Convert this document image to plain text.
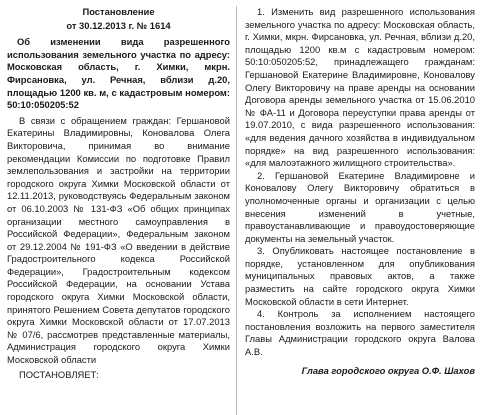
Постановление

от 30.12.2013 г. № 1614

Об изменении вида разрешенного использования земельного участка по адресу: Московская область, г. Химки, мкрн. Фирсановка, ул. Речная, вблизи д.20, площадью 1200 кв. м, с кадастровым номером: 50:10:050205:52

В связи с обращением граждан: Гершановой Екатерины Владимировны, Коноваловa Олега Викторовича, принимая во внимание рекомендации Комиссии по подготовке Правил землепользования и застройки на территории городского округа Химки Московской области от 12.11.2013, руководствуясь Федеральным законом от 06.10.2003 № 131-ФЗ «Об общих принципах организации местного самоуправления в Российской Федерации», Федеральным законом от 29.12.2004 № 191-ФЗ «О введении в действие Градостроительного кодекса Российской Федерации», Градостроительным кодексом Российской Федерации, на основании Устава городского округа Химки Московской области, принятого Решением Совета депутатов городского округа Химки Московской области от 17.07.2013 № 07/6, рассмотрев представленные материалы, Администрация городского округа Химки Московской области

ПОСТАНОВЛЯЕТ:

1. Изменить вид разрешенного использования земельного участка по адресу: Московская область, г. Химки, мкрн. Фирсановка, ул. Речная, вблизи д.20, площадью 1200 кв.м с кадастровым номером: 50:10:050205:52, принадлежащего гражданам: Гершановой Екатерине Владимировне, Коновалову Олегу Викторовичу на праве аренды на основании Договора аренды земельного участка от 15.06.2010 № ФА-11 и Договора переуступки права аренды от 19.07.2010, с вида разрешенного использования: «для ведения дачного хозяйства в индивидуальном порядке» на вид разрешенного использования: «для малоэтажного жилищного строительства».

2. Гершановой Екатерине Владимировне и Коновалову Олегу Викторовичу обратиться в уполномоченные органы и организации с целью внесения изменений в учетные, правоустанавливающие и правоудостоверяющие документы на земельный участок.

3. Опубликовать настоящее постановление в порядке, установленном для опубликования муниципальных правовых актов, а также разместить на сайте городского округа Химки Московской области в сети Интернет.

4. Контроль за исполнением настоящего постановления возложить на первого заместителя Главы Администрации городского округа Валова А.В.

Глава городского округа О.Ф. Шахов
